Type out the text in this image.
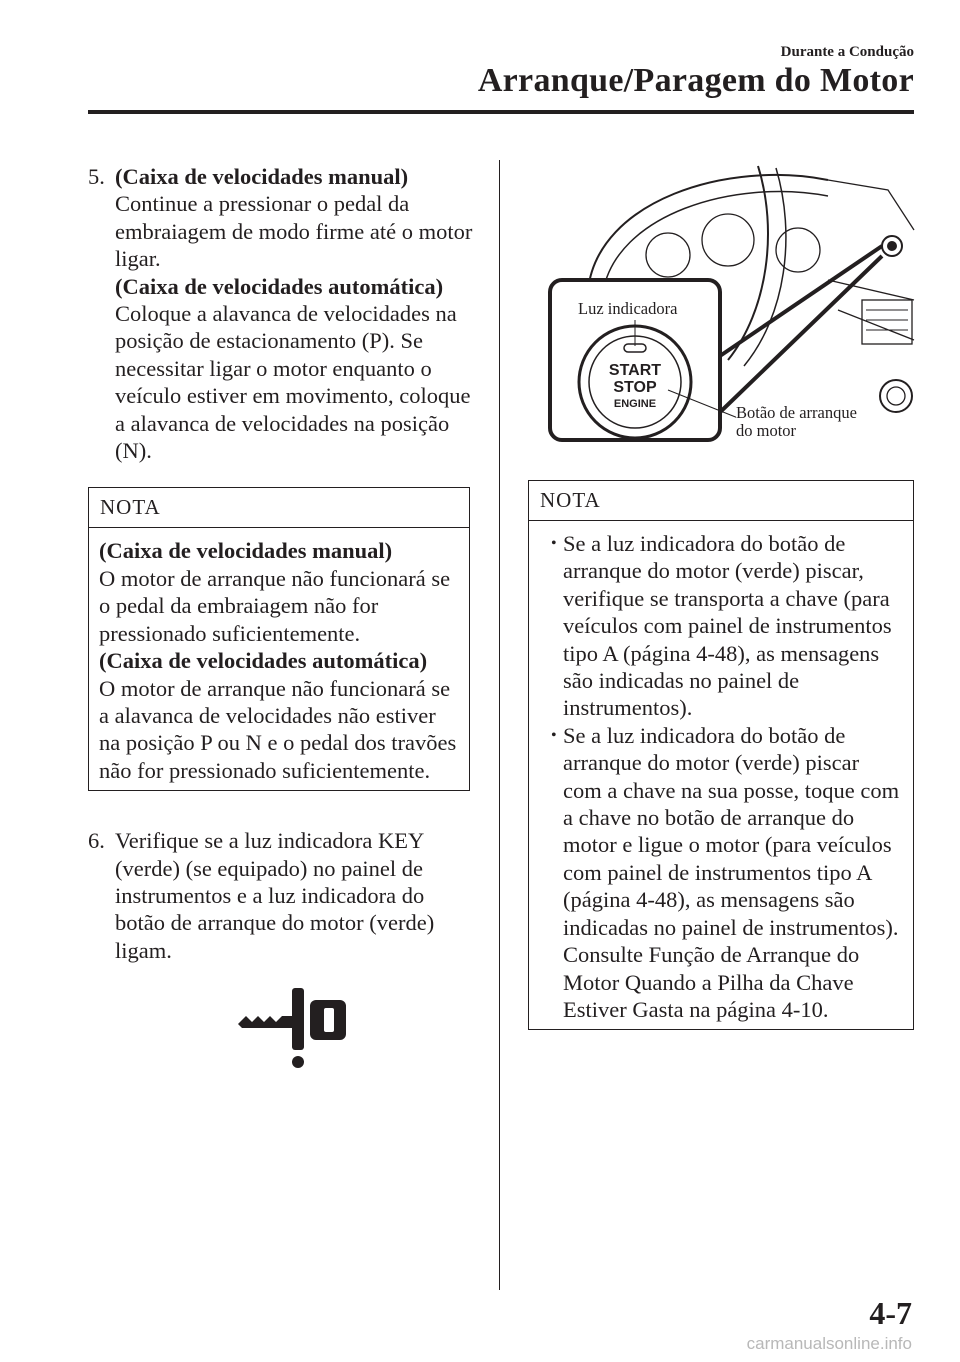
Durante a Condução
Arranque/Paragem do Motor
5. (Caixa de velocidades manual)

Continue a pressionar o pedal da embraiagem de modo firme até o motor ligar.

(Caixa de velocidades automática)

Coloque a alavanca de velocidades na posição de estacionamento (P). Se necessitar ligar o motor enquanto o veículo estiver em movimento, coloque a alavanca de velocidades na posição (N).

NOTA

(Caixa de velocidades manual)

O motor de arranque não funcionará se o pedal da embraiagem não for pressionado suficientemente.

(Caixa de velocidades automática)

O motor de arranque não funcionará se a alavanca de velocidades não estiver na posição P ou N e o pedal dos travões não for pressionado suficientemente.

6. Verifique se a luz indicadora KEY (verde) (se equipado) no painel de instrumentos e a luz indicadora do botão de arranque do motor (verde) ligam.

START
STOP
ENGINE
Luz indicadora
Botão de arranque
do motor
NOTA

• Se a luz indicadora do botão de arranque do motor (verde) piscar, verifique se transporta a chave (para veículos com painel de instrumentos tipo A (página 4-48), as mensagens são indicadas no painel de instrumentos).

• Se a luz indicadora do botão de arranque do motor (verde) piscar com a chave na sua posse, toque com a chave no botão de arranque do motor e ligue o motor (para veículos com painel de instrumentos tipo A (página 4-48), as mensagens são indicadas no painel de instrumentos). Consulte Função de Arranque do Motor Quando a Pilha da Chave Estiver Gasta na página 4-10.

4-7
carmanualsonline.info
